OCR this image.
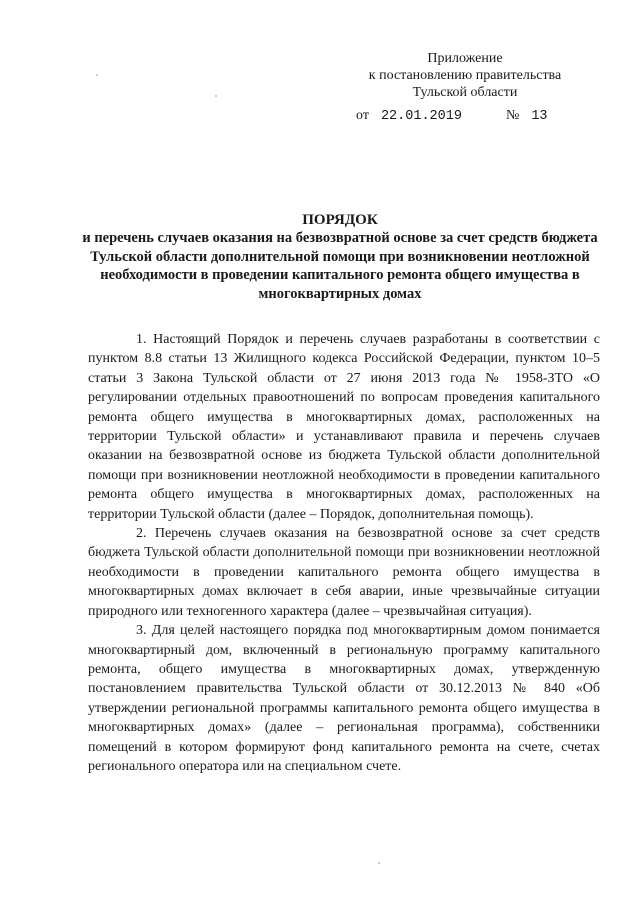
Приложение
к постановлению правительства
Тульской области
от 22.01.2019	№ 13
ПОРЯДОК
и перечень случаев оказания на безвозвратной основе за счет средств бюджета Тульской области дополнительной помощи при возникновении неотложной необходимости в проведении капитального ремонта общего имущества в многоквартирных домах

1. Настоящий Порядок и перечень случаев разработаны в соответствии с пунктом 8.8 статьи 13 Жилищного кодекса Российской Федерации, пунктом 10–5 статьи 3 Закона Тульской области от 27 июня 2013 года № 1958-ЗТО «О регулировании отдельных правоотношений по вопросам проведения капитального ремонта общего имущества в многоквартирных домах, расположенных на территории Тульской области» и устанавливают правила и перечень случаев оказании на безвозвратной основе из бюджета Тульской области дополнительной помощи при возникновении неотложной необходимости в проведении капитального ремонта общего имущества в многоквартирных домах, расположенных на территории Тульской области (далее – Порядок, дополнительная помощь).

2. Перечень случаев оказания на безвозвратной основе за счет средств бюджета Тульской области дополнительной помощи при возникновении неотложной необходимости в проведении капитального ремонта общего имущества в многоквартирных домах включает в себя аварии, иные чрезвычайные ситуации природного или техногенного характера (далее – чрезвычайная ситуация).

3. Для целей настоящего порядка под многоквартирным домом понимается многоквартирный дом, включенный в региональную программу капитального ремонта, общего имущества в многоквартирных домах, утвержденную постановлением правительства Тульской области от 30.12.2013 № 840 «Об утверждении региональной программы капитального ремонта общего имущества в многоквартирных домах» (далее – региональная программа), собственники помещений в котором формируют фонд капитального ремонта на счете, счетах регионального оператора или на специальном счете.
